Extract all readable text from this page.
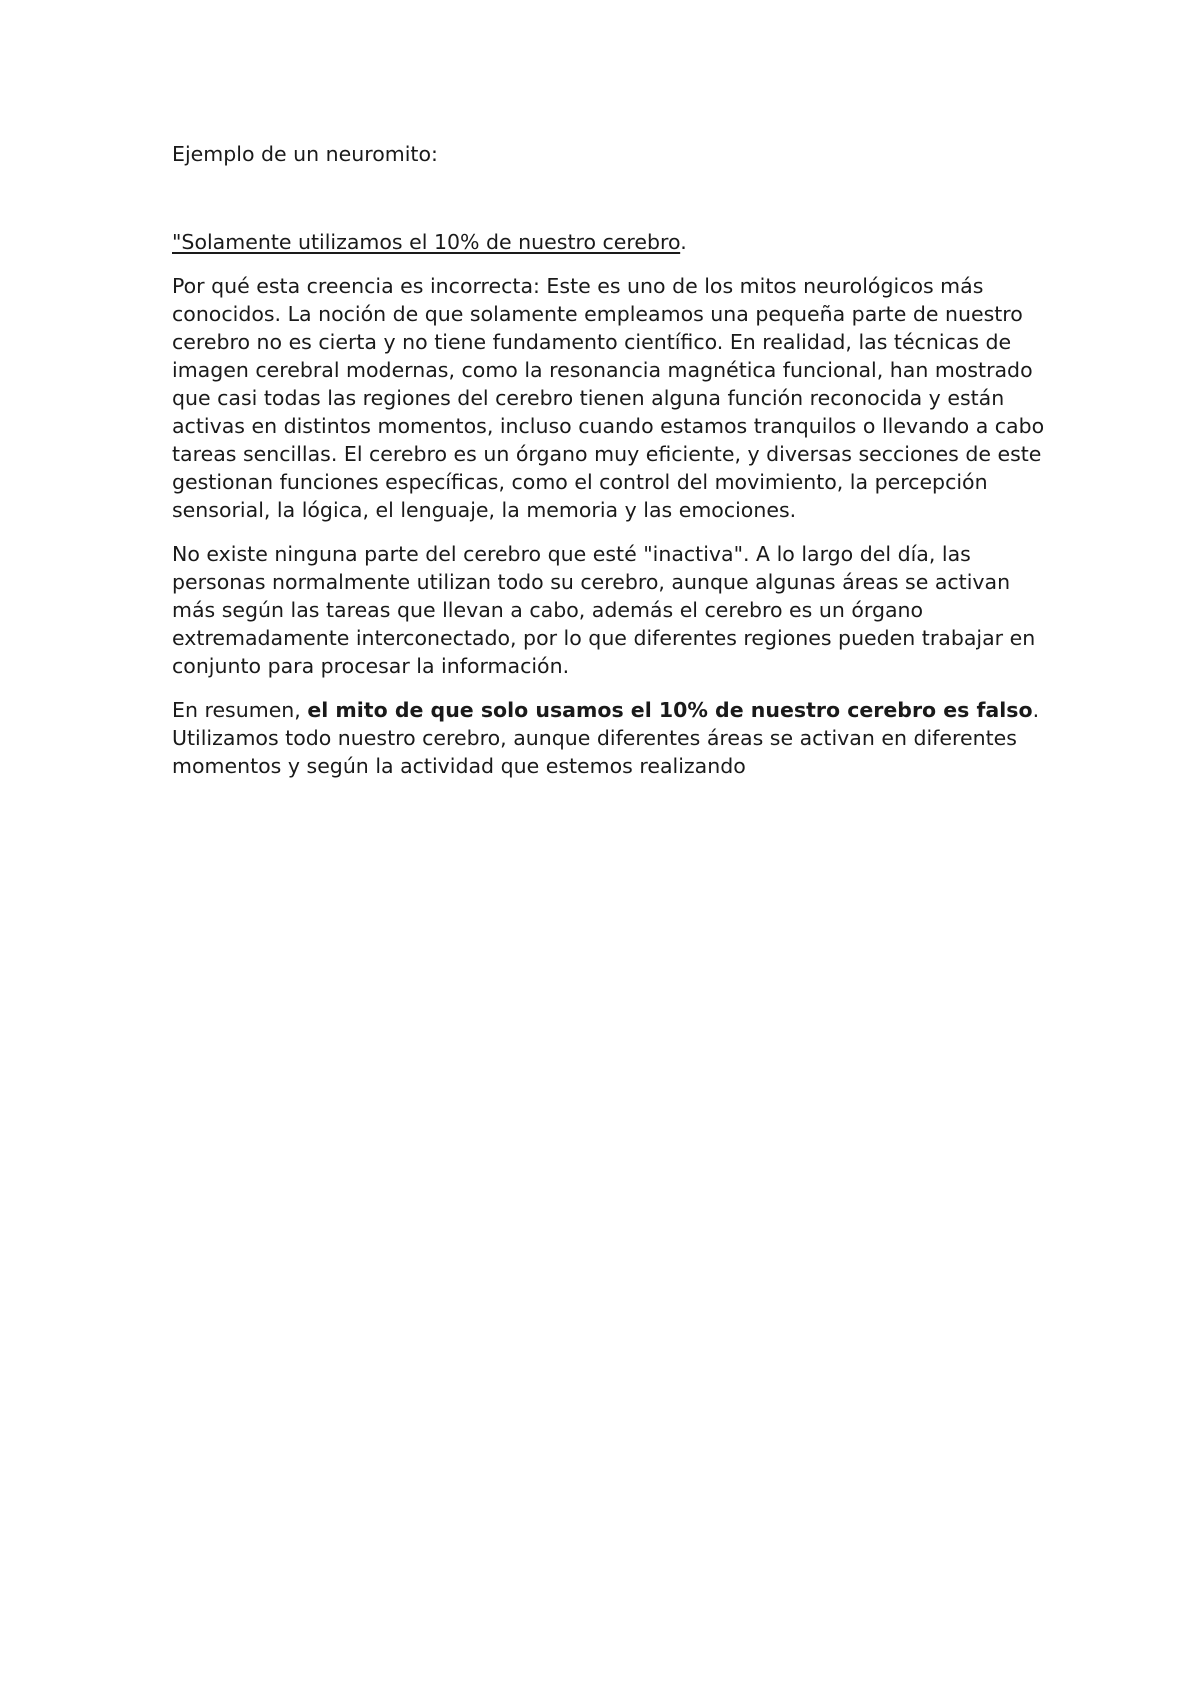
Ejemplo de un neuromito:

"Solamente utilizamos el 10% de nuestro cerebro.

Por qué esta creencia es incorrecta: Este es uno de los mitos neurológicos más conocidos. La noción de que solamente empleamos una pequeña parte de nuestro cerebro no es cierta y no tiene fundamento científico. En realidad, las técnicas de imagen cerebral modernas, como la resonancia magnética funcional, han mostrado que casi todas las regiones del cerebro tienen alguna función reconocida y están activas en distintos momentos, incluso cuando estamos tranquilos o llevando a cabo tareas sencillas. El cerebro es un órgano muy eficiente, y diversas secciones de este gestionan funciones específicas, como el control del movimiento, la percepción sensorial, la lógica, el lenguaje, la memoria y las emociones.

No existe ninguna parte del cerebro que esté "inactiva". A lo largo del día, las personas normalmente utilizan todo su cerebro, aunque algunas áreas se activan más según las tareas que llevan a cabo, además el cerebro es un órgano extremadamente interconectado, por lo que diferentes regiones pueden trabajar en conjunto para procesar la información.

En resumen, el mito de que solo usamos el 10% de nuestro cerebro es falso. Utilizamos todo nuestro cerebro, aunque diferentes áreas se activan en diferentes momentos y según la actividad que estemos realizando
